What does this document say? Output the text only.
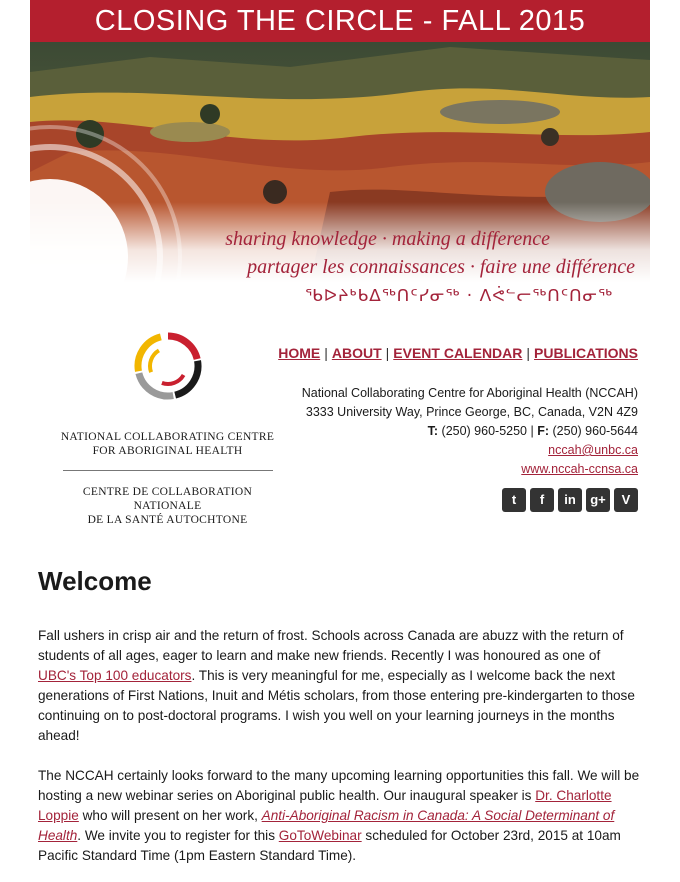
CLOSING THE CIRCLE - FALL 2015
sharing knowledge · making a difference
partager les connaissances · faire une différence
ᖃᐅᔨᒃᑲᐃᖅᑎᑦᓯᓂᖅ · ᐱᕚᓪᓕᖅᑎᑦᑎᓂᖅ
NATIONAL COLLABORATING CENTRE
FOR ABORIGINAL HEALTH
CENTRE DE COLLABORATION NATIONALE
DE LA SANTÉ AUTOCHTONE
HOME | ABOUT | EVENT CALENDAR | PUBLICATIONS
National Collaborating Centre for Aboriginal Health (NCCAH)
3333 University Way, Prince George, BC, Canada, V2N 4Z9
T: (250) 960-5250 | F: (250) 960-5644
nccah@unbc.ca
www.nccah-ccnsa.ca
t	f	in	g+	V
Welcome

Fall ushers in crisp air and the return of frost. Schools across Canada are abuzz with the return of students of all ages, eager to learn and make new friends. Recently I was honoured as one of UBC's Top 100 educators. This is very meaningful for me, especially as I welcome back the next generations of First Nations, Inuit and Métis scholars, from those entering pre-kindergarten to those continuing on to post-doctoral programs. I wish you well on your learning journeys in the months ahead!

The NCCAH certainly looks forward to the many upcoming learning opportunities this fall. We will be hosting a new webinar series on Aboriginal public health. Our inaugural speaker is Dr. Charlotte Loppie who will present on her work, Anti-Aboriginal Racism in Canada: A Social Determinant of Health. We invite you to register for this GoToWebinar scheduled for October 23rd, 2015 at 10am Pacific Standard Time (1pm Eastern Standard Time).
